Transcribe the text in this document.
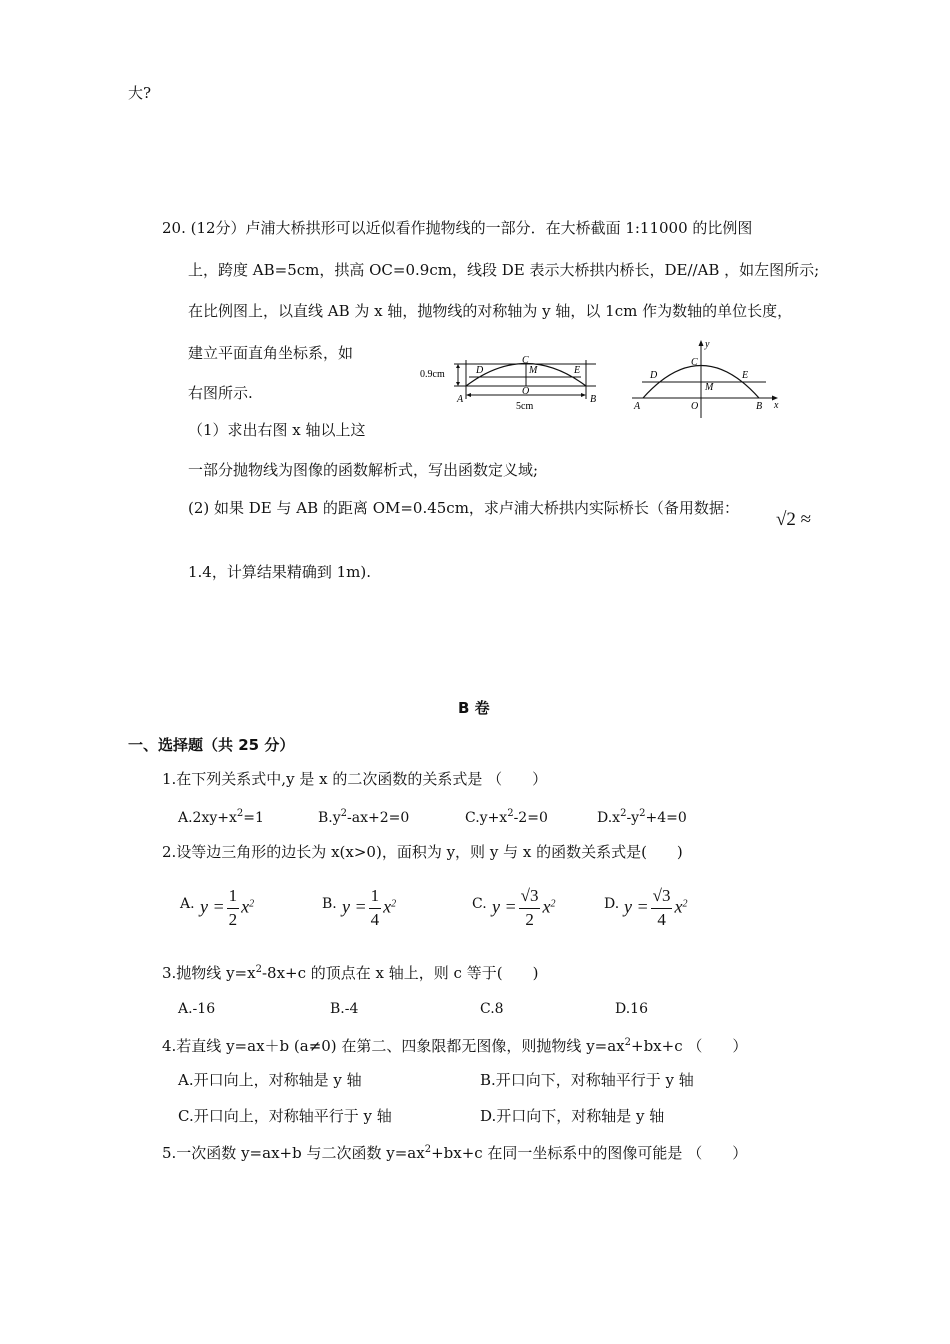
大?
20. (12分）卢浦大桥拱形可以近似看作抛物线的一部分．在大桥截面 1:11000 的比例图
上，跨度 AB=5cm，拱高 OC=0.9cm，线段 DE 表示大桥拱内桥长，DE//AB ，如左图所示;
在比例图上，以直线 AB 为 x 轴，抛物线的对称轴为 y 轴，以 1cm 作为数轴的单位长度，
建立平面直角坐标系，如
右图所示.
（1）求出右图 x 轴以上这
一部分抛物线为图像的函数解析式，写出函数定义域;
(2) 如果 DE 与 AB 的距离 OM=0.45cm，求卢浦大桥拱内实际桥长（备用数据：
√2 ≈
1.4，计算结果精确到 1m).
0.9cm
C
D	E
M
O
A	B
5cm
y
x
C
D	E
M
O
A	B
B 卷
一、选择题（共 25 分）
1.在下列关系式中,y 是 x 的二次函数的关系式是 （　　）
$A.2xy+x^2=1$	$B.y^2-ax+2=0$	$C.y+x^2-2=0$	$D.x^2-y^2+4=0$
2.设等边三角形的边长为 x(x>0)，面积为 y，则 y 与 x 的函数关系式是(　　)
A. $y = \frac{1}{2} x^2$	B. $y = \frac{1}{4} x^2$	C. $y = \frac{√3}{2} x^2$	D. $y = \frac{√3}{4} x^2$
3.抛物线 $y=x^2-8x+c$ 的顶点在 x 轴上，则 c 等于(　　)
A.-16	B.-4	C.8	D.16
4.若直线 y=ax＋b (a≠0) 在第二、四象限都无图像，则抛物线 $y=ax^2+bx+c$ （　　）
A.开口向上，对称轴是 y 轴	B.开口向下，对称轴平行于 y 轴
C.开口向上，对称轴平行于 y 轴	D.开口向下，对称轴是 y 轴
5.一次函数 y=ax+b 与二次函数 $y=ax^2+bx+c$ 在同一坐标系中的图像可能是 （　　）
